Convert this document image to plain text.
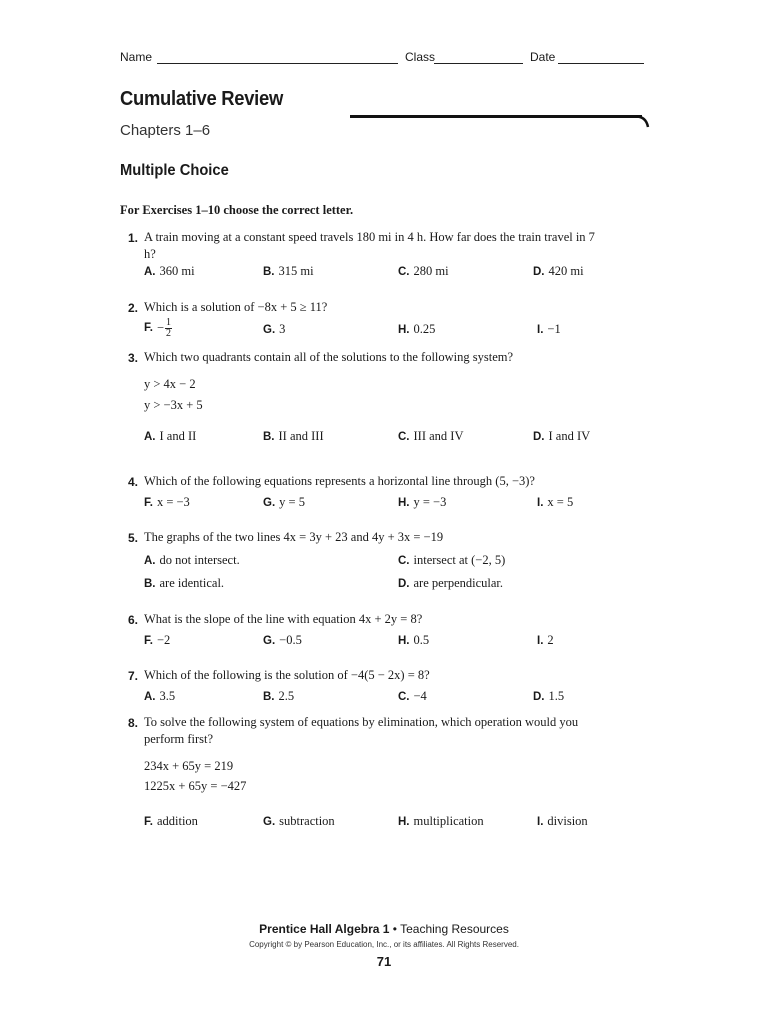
Name	Class	Date
Cumulative Review
Chapters 1–6
Multiple Choice
For Exercises 1–10 choose the correct letter.
1. A train moving at a constant speed travels 180 mi in 4 h. How far does the train travel in 7 h?
A. 360 mi	B. 315 mi	C. 280 mi	D. 420 mi
2. Which is a solution of −8x + 5 ≥ 11?
F. − $\frac{1}{2}$	G. 3	H. 0.25	I. −1
3. Which two quadrants contain all of the solutions to the following system?
y > 4x − 2
y > −3x + 5
A. I and II	B. II and III	C. III and IV	D. I and IV
4. Which of the following equations represents a horizontal line through (5, −3)?
F. x = −3	G. y = 5	H. y = −3	I. x = 5
5. The graphs of the two lines 4x = 3y + 23 and 4y + 3x = −19
A. do not intersect.	C. intersect at (−2, 5)
B. are identical.	D. are perpendicular.
6. What is the slope of the line with equation 4x + 2y = 8?
F. −2	G. −0.5	H. 0.5	I. 2
7. Which of the following is the solution of −4(5 − 2x) = 8?
A. 3.5	B. 2.5	C. −4	D. 1.5
8. To solve the following system of equations by elimination, which operation would you perform first?
234x + 65y = 219
1225x + 65y = −427
F. addition	G. subtraction	H. multiplication	I. division
Prentice Hall Algebra 1 • Teaching Resources
Copyright © by Pearson Education, Inc., or its affiliates. All Rights Reserved.
71
